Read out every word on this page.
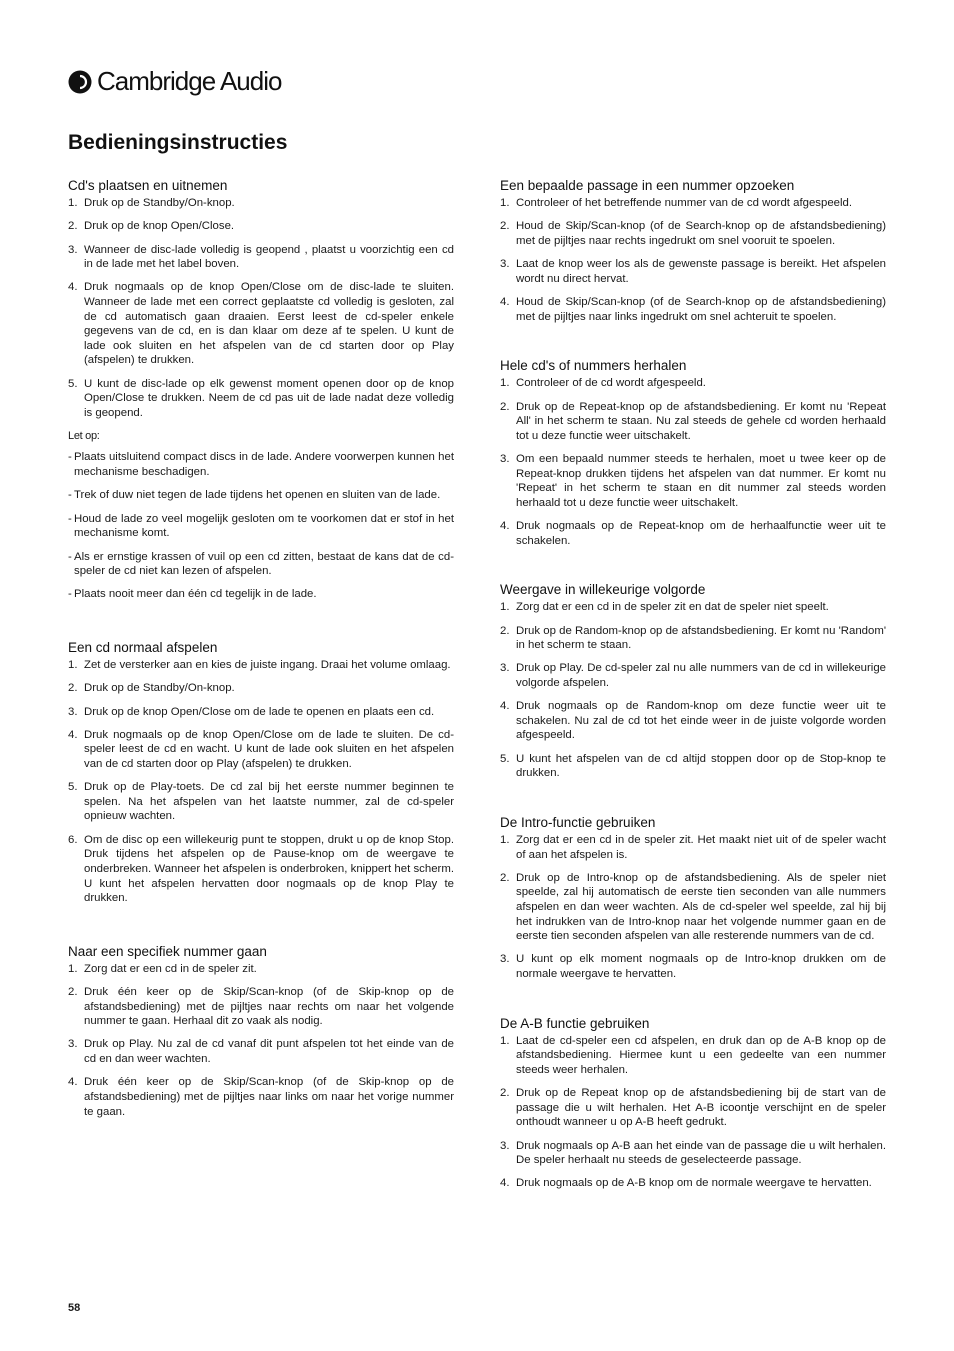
Cambridge Audio
Bedieningsinstructies
Cd's plaatsen en uitnemen
1. Druk op de Standby/On-knop.
2. Druk op de knop Open/Close.
3. Wanneer de disc-lade volledig is geopend , plaatst u voorzichtig een cd in de lade met het label boven.
4. Druk nogmaals op de knop Open/Close om de disc-lade te sluiten. Wanneer de lade met een correct geplaatste cd volledig is gesloten, zal de cd automatisch gaan draaien. Eerst leest de cd-speler enkele gegevens van de cd, en is dan klaar om deze af te spelen. U kunt de lade ook sluiten en het afspelen van de cd starten door op Play (afspelen) te drukken.
5. U kunt de disc-lade op elk gewenst moment openen door op de knop Open/Close te drukken. Neem de cd pas uit de lade nadat deze volledig is geopend.
Let op:
- Plaats uitsluitend compact discs in de lade. Andere voorwerpen kunnen het mechanisme beschadigen.
- Trek of duw niet tegen de lade tijdens het openen en sluiten van de lade.
- Houd de lade zo veel mogelijk gesloten om te voorkomen dat er stof in het mechanisme komt.
- Als er ernstige krassen of vuil op een cd zitten, bestaat de kans dat de cd-speler de cd niet kan lezen of afspelen.
- Plaats nooit meer dan één cd tegelijk in de lade.
Een cd normaal afspelen
1. Zet de versterker aan en kies de juiste ingang. Draai het volume omlaag.
2. Druk op de Standby/On-knop.
3. Druk op de knop Open/Close om de lade te openen en plaats een cd.
4. Druk nogmaals op de knop Open/Close om de lade te sluiten. De cd-speler leest de cd en wacht. U kunt de lade ook sluiten en het afspelen van de cd starten door op Play (afspelen) te drukken.
5. Druk op de Play-toets. De cd zal bij het eerste nummer beginnen te spelen. Na het afspelen van het laatste nummer, zal de cd-speler opnieuw wachten.
6. Om de disc op een willekeurig punt te stoppen, drukt u op de knop Stop. Druk tijdens het afspelen op de Pause-knop om de weergave te onderbreken. Wanneer het afspelen is onderbroken, knippert het scherm. U kunt het afspelen hervatten door nogmaals op de knop Play te drukken.
Naar een specifiek nummer gaan
1. Zorg dat er een cd in de speler zit.
2. Druk één keer op de Skip/Scan-knop (of de Skip-knop op de afstandsbediening) met de pijltjes naar rechts om naar het volgende nummer te gaan. Herhaal dit zo vaak als nodig.
3. Druk op Play. Nu zal de cd vanaf dit punt afspelen tot het einde van de cd en dan weer wachten.
4. Druk één keer op de Skip/Scan-knop (of de Skip-knop op de afstandsbediening) met de pijltjes naar links om naar het vorige nummer te gaan.
Een bepaalde passage in een nummer opzoeken
1. Controleer of het betreffende nummer van de cd wordt afgespeeld.
2. Houd de Skip/Scan-knop (of de Search-knop op de afstandsbediening) met de pijltjes naar rechts ingedrukt om snel vooruit te spoelen.
3. Laat de knop weer los als de gewenste passage is bereikt. Het afspelen wordt nu direct hervat.
4. Houd de Skip/Scan-knop (of de Search-knop op de afstandsbediening) met de pijltjes naar links ingedrukt om snel achteruit te spoelen.
Hele cd's of nummers herhalen
1. Controleer of de cd wordt afgespeeld.
2. Druk op de Repeat-knop op de afstandsbediening. Er komt nu 'Repeat All' in het scherm te staan. Nu zal steeds de gehele cd worden herhaald tot u deze functie weer uitschakelt.
3. Om een bepaald nummer steeds te herhalen, moet u twee keer op de Repeat-knop drukken tijdens het afspelen van dat nummer. Er komt nu 'Repeat' in het scherm te staan en dit nummer zal steeds worden herhaald tot u deze functie weer uitschakelt.
4. Druk nogmaals op de Repeat-knop om de herhaalfunctie weer uit te schakelen.
Weergave in willekeurige volgorde
1. Zorg dat er een cd in de speler zit en dat de speler niet speelt.
2. Druk op de Random-knop op de afstandsbediening. Er komt nu 'Random' in het scherm te staan.
3. Druk op Play. De cd-speler zal nu alle nummers van de cd in willekeurige volgorde afspelen.
4. Druk nogmaals op de Random-knop om deze functie weer uit te schakelen. Nu zal de cd tot het einde weer in de juiste volgorde worden afgespeeld.
5. U kunt het afspelen van de cd altijd stoppen door op de Stop-knop te drukken.
De Intro-functie gebruiken
1. Zorg dat er een cd in de speler zit. Het maakt niet uit of de speler wacht of aan het afspelen is.
2. Druk op de Intro-knop op de afstandsbediening. Als de speler niet speelde, zal hij automatisch de eerste tien seconden van alle nummers afspelen en dan weer wachten. Als de cd-speler wel speelde, zal hij bij het indrukken van de Intro-knop naar het volgende nummer gaan en de eerste tien seconden afspelen van alle resterende nummers van de cd.
3. U kunt op elk moment nogmaals op de Intro-knop drukken om de normale weergave te hervatten.
De A-B functie gebruiken
1. Laat de cd-speler een cd afspelen, en druk dan op de A-B knop op de afstandsbediening. Hiermee kunt u een gedeelte van een nummer steeds weer herhalen.
2. Druk op de Repeat knop op de afstandsbediening bij de start van de passage die u wilt herhalen. Het A-B icoontje verschijnt en de speler onthoudt wanneer u op A-B heeft gedrukt.
3. Druk nogmaals op A-B aan het einde van de passage die u wilt herhalen. De speler herhaalt nu steeds de geselecteerde passage.
4. Druk nogmaals op de A-B knop om de normale weergave te hervatten.
58
